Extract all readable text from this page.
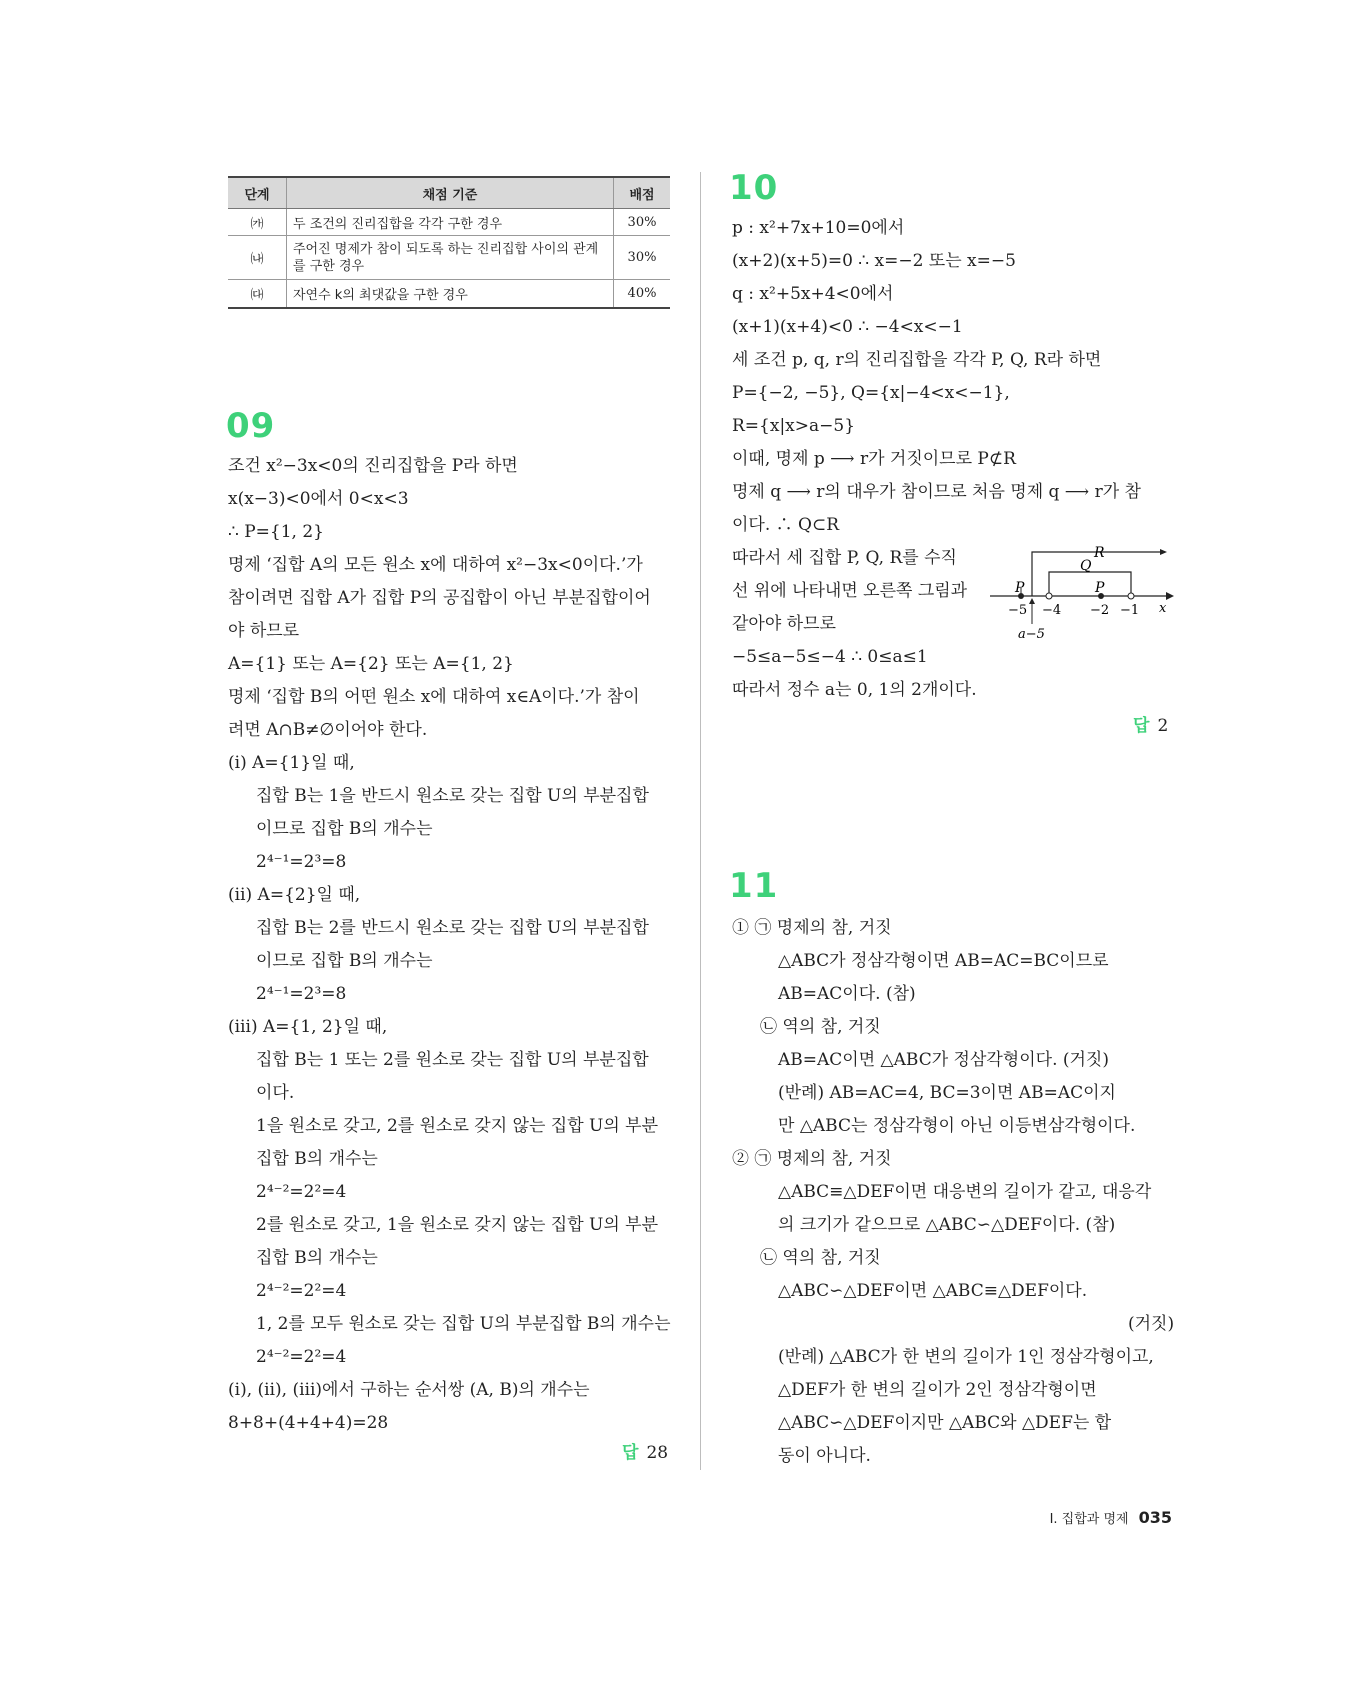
단계	채점 기준	배점
㈎	두 조건의 진리집합을 각각 구한 경우	30%
㈏	주어진 명제가 참이 되도록 하는 진리집합 사이의 관계를 구한 경우	30%
㈐	자연수 k의 최댓값을 구한 경우	40%
09
조건 x²−3x<0의 진리집합을 P라 하면
x(x−3)<0에서 0<x<3
∴ P={1, 2}
명제 ‘집합 A의 모든 원소 x에 대하여 x²−3x<0이다.’가
참이려면 집합 A가 집합 P의 공집합이 아닌 부분집합이어
야 하므로
A={1} 또는 A={2} 또는 A={1, 2}
명제 ‘집합 B의 어떤 원소 x에 대하여 x∈A이다.’가 참이
려면 A∩B≠∅이어야 한다.
(ⅰ) A={1}일 때,
집합 B는 1을 반드시 원소로 갖는 집합 U의 부분집합
이므로 집합 B의 개수는
2⁴⁻¹=2³=8
(ⅱ) A={2}일 때,
집합 B는 2를 반드시 원소로 갖는 집합 U의 부분집합
이므로 집합 B의 개수는
2⁴⁻¹=2³=8
(ⅲ) A={1, 2}일 때,
집합 B는 1 또는 2를 원소로 갖는 집합 U의 부분집합
이다.
1을 원소로 갖고, 2를 원소로 갖지 않는 집합 U의 부분
집합 B의 개수는
2⁴⁻²=2²=4
2를 원소로 갖고, 1을 원소로 갖지 않는 집합 U의 부분
집합 B의 개수는
2⁴⁻²=2²=4
1, 2를 모두 원소로 갖는 집합 U의 부분집합 B의 개수는
2⁴⁻²=2²=4
(ⅰ), (ⅱ), (ⅲ)에서 구하는 순서쌍 (A, B)의 개수는
8+8+(4+4+4)=28
답 28
10
p : x²+7x+10=0에서
(x+2)(x+5)=0 ∴ x=−2 또는 x=−5
q : x²+5x+4<0에서
(x+1)(x+4)<0 ∴ −4<x<−1
세 조건 p, q, r의 진리집합을 각각 P, Q, R라 하면
P={−2, −5}, Q={x|−4<x<−1},
R={x|x>a−5}
이때, 명제 p ⟶ r가 거짓이므로 P⊄R
명제 q ⟶ r의 대우가 참이므로 처음 명제 q ⟶ r가 참
이다. ∴ Q⊂R
따라서 세 집합 P, Q, R를 수직
선 위에 나타내면 오른쪽 그림과
같아야 하므로
−5≤a−5≤−4 ∴ 0≤a≤1
따라서 정수 a는 0, 1의 2개이다.
R
Q
P	P
−5 −4 −2 −1 x
a−5
답 2
11
① ㉠ 명제의 참, 거짓
△ABC가 정삼각형이면 AB=AC=BC이므로
AB=AC이다. (참)
㉡ 역의 참, 거짓
AB=AC이면 △ABC가 정삼각형이다. (거짓)
(반례) AB=AC=4, BC=3이면 AB=AC이지
만 △ABC는 정삼각형이 아닌 이등변삼각형이다.
② ㉠ 명제의 참, 거짓
△ABC≡△DEF이면 대응변의 길이가 같고, 대응각
의 크기가 같으므로 △ABC∽△DEF이다. (참)
㉡ 역의 참, 거짓
△ABC∽△DEF이면 △ABC≡△DEF이다.
(거짓)
(반례) △ABC가 한 변의 길이가 1인 정삼각형이고,
△DEF가 한 변의 길이가 2인 정삼각형이면
△ABC∽△DEF이지만 △ABC와 △DEF는 합
동이 아니다.
Ⅰ. 집합과 명제 035
